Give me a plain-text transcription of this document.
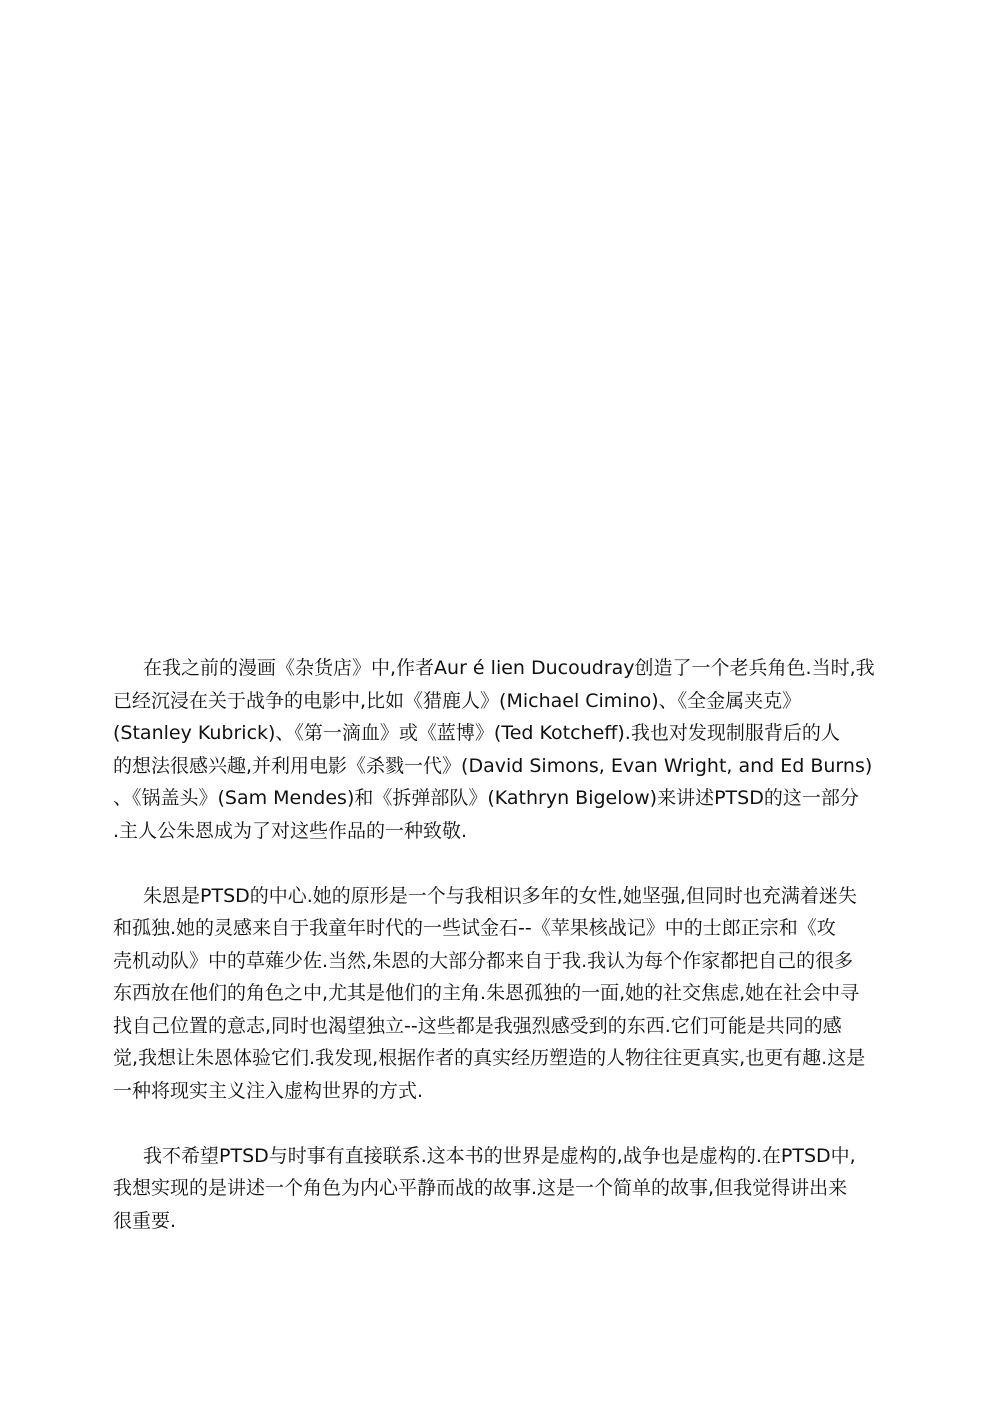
在我之前的漫画《杂货店》中,作者Aur é lien Ducoudray创造了一个老兵角色.当时,我
已经沉浸在关于战争的电影中,比如《猎鹿人》(Michael Cimino)、《全金属夹克》
(Stanley Kubrick)、《第一滴血》或《蓝博》(Ted Kotcheff).我也对发现制服背后的人
的想法很感兴趣,并利用电影《杀戮一代》(David Simons, Evan Wright, and Ed Burns)
、《锅盖头》(Sam Mendes)和《拆弹部队》(Kathryn Bigelow)来讲述PTSD的这一部分
.主人公朱恩成为了对这些作品的一种致敬.
朱恩是PTSD的中心.她的原形是一个与我相识多年的女性,她坚强,但同时也充满着迷失
和孤独.她的灵感来自于我童年时代的一些试金石--《苹果核战记》中的士郎正宗和《攻
壳机动队》中的草薙少佐.当然,朱恩的大部分都来自于我.我认为每个作家都把自己的很多
东西放在他们的角色之中,尤其是他们的主角.朱恩孤独的一面,她的社交焦虑,她在社会中寻
找自己位置的意志,同时也渴望独立--这些都是我强烈感受到的东西.它们可能是共同的感
觉,我想让朱恩体验它们.我发现,根据作者的真实经历塑造的人物往往更真实,也更有趣.这是
一种将现实主义注入虚构世界的方式.
我不希望PTSD与时事有直接联系.这本书的世界是虚构的,战争也是虚构的.在PTSD中,
我想实现的是讲述一个角色为内心平静而战的故事.这是一个简单的故事,但我觉得讲出来
很重要.
